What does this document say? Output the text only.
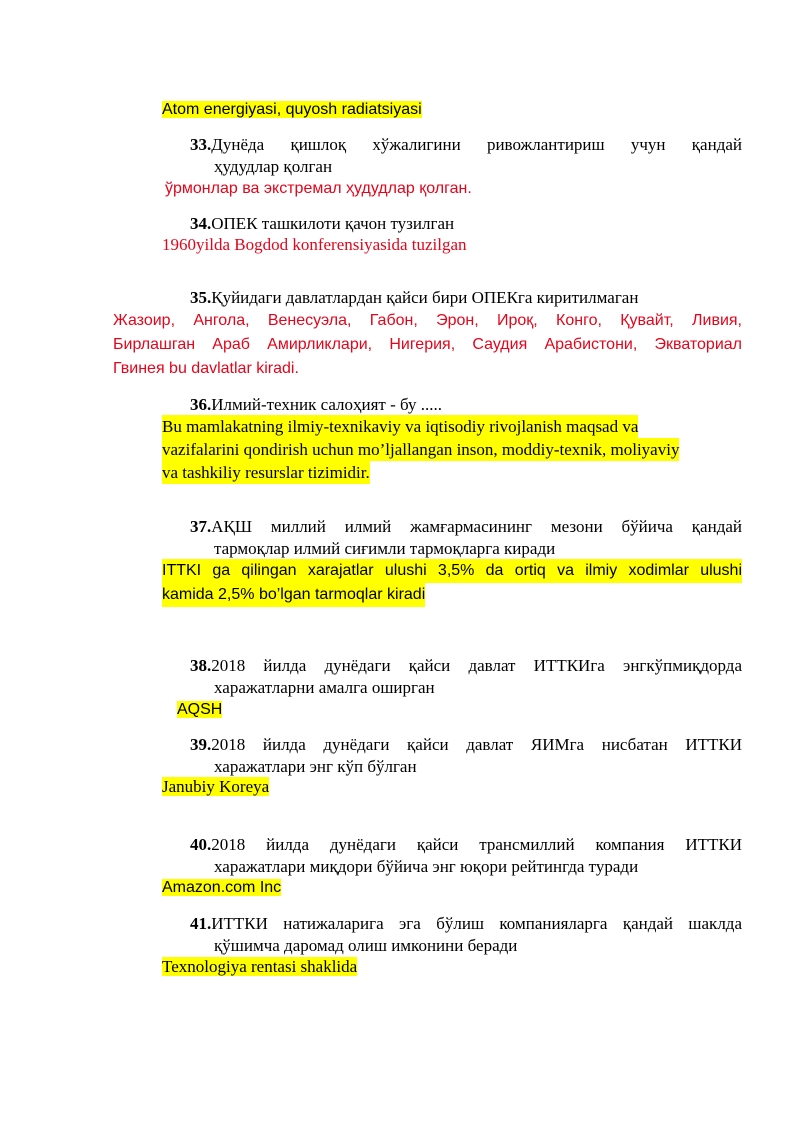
Atom energiyasi, quyosh radiatsiyasi
33.Дунёда қишлоқ хўжалигини ривожлантириш учун қандай
ҳудудлар қолган
ўрмонлар ва экстремал ҳудудлар қолган.
34.ОПЕК ташкилоти қачон тузилган
1960yilda Bogdod konferensiyasida tuzilgan
35.Қуйидаги давлатлардан қайси бири ОПЕКга киритилмаган
Жазоир, Ангола, Венесуэла, Габон, Эрон, Ироқ, Конго, Қувайт, Ливия,
Бирлашган Араб Амирликлари, Нигерия, Саудия Арабистони, Экваториал
Гвинея bu davlatlar kiradi.
36.Илмий-техник салоҳият - бу .....
Bu mamlakatning ilmiy-texnikaviy va iqtisodiy rivojlanish maqsad va
vazifalarini qondirish uchun mo’ljallangan inson, moddiy-texnik, moliyaviy
va tashkiliy resurslar tizimidir.
37.АҚШ миллий илмий жамғармасининг мезони бўйича қандай
тармоқлар илмий сиғимли тармоқларга киради
ITTKI ga qilingan xarajatlar ulushi 3,5% da ortiq va ilmiy xodimlar ulushi
kamida 2,5% bo’lgan tarmoqlar kiradi
38.2018 йилда дунёдаги қайси давлат ИТТКИга энгкўпмиқдорда
харажатларни амалга оширган
AQSH
39.2018 йилда дунёдаги қайси давлат ЯИМга нисбатан ИТТКИ
харажатлари энг кўп бўлган
Janubiy Koreya
40.2018 йилда дунёдаги қайси трансмиллий компания ИТТКИ
харажатлари миқдори бўйича энг юқори рейтингда туради
Amazon.com Inc
41.ИТТКИ натижаларига эга бўлиш компанияларга қандай шаклда
қўшимча даромад олиш имконини беради
Texnologiya rentasi shaklida
